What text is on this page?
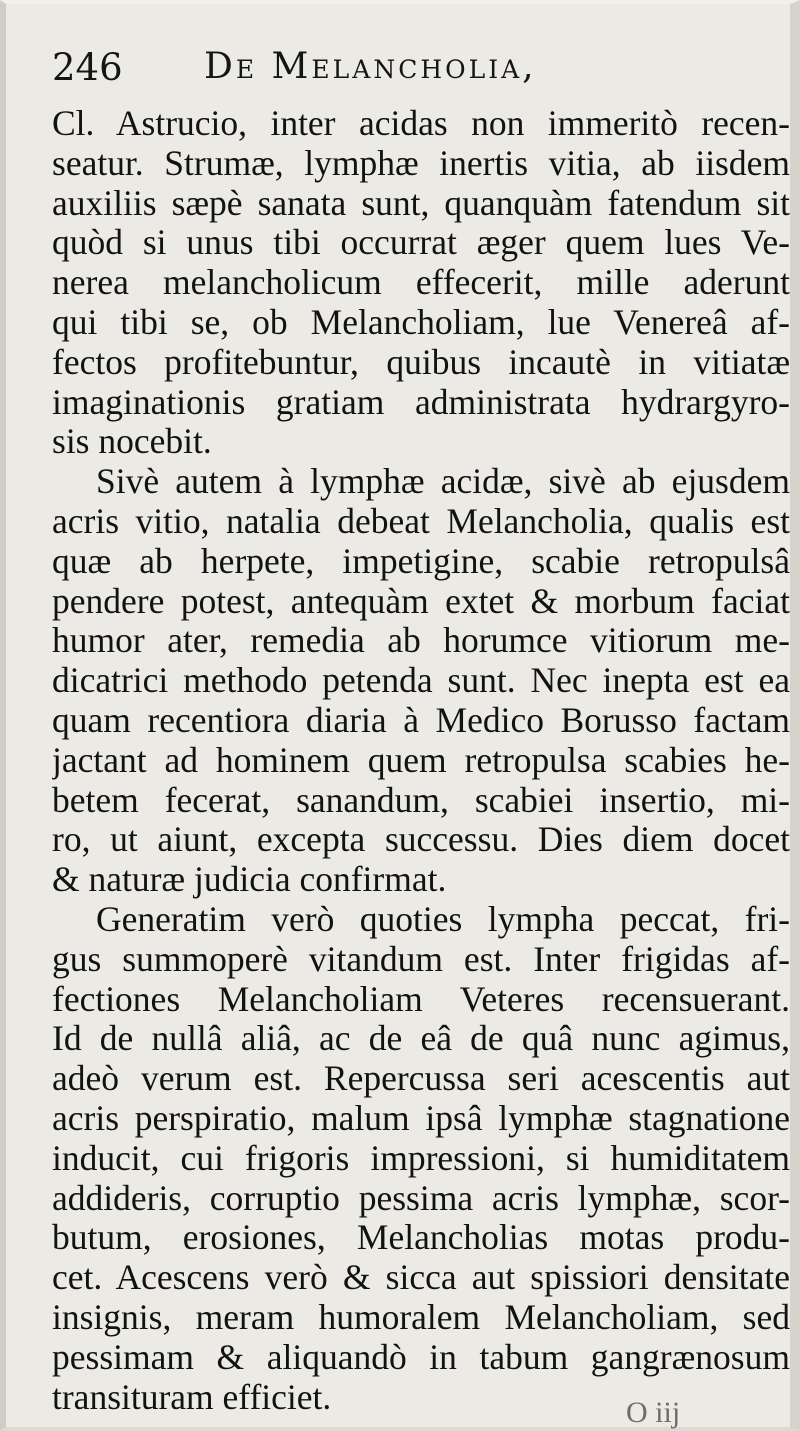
246 De Melancholia,
Cl. Astrucio, inter acidas non immeritò recen-
seatur. Strumæ, lymphæ inertis vitia, ab iisdem
auxiliis sæpè sanata sunt, quanquàm fatendum sit
quòd si unus tibi occurrat æger quem lues Ve-
nerea melancholicum effecerit, mille aderunt
qui tibi se, ob Melancholiam, lue Venereâ af-
fectos profitebuntur, quibus incautè in vitiatæ
imaginationis gratiam administrata hydrargyro-
sis nocebit.
Sivè autem à lymphæ acidæ, sivè ab ejusdem
acris vitio, natalia debeat Melancholia, qualis est
quæ ab herpete, impetigine, scabie retropulsâ
pendere potest, antequàm extet & morbum faciat
humor ater, remedia ab horumce vitiorum me-
dicatrici methodo petenda sunt. Nec inepta est ea
quam recentiora diaria à Medico Borusso factam
jactant ad hominem quem retropulsa scabies he-
betem fecerat, sanandum, scabiei insertio, mi-
ro, ut aiunt, excepta successu. Dies diem docet
& naturæ judicia confirmat.
Generatim verò quoties lympha peccat, fri-
gus summoperè vitandum est. Inter frigidas af-
fectiones Melancholiam Veteres recensuerant.
Id de nullâ aliâ, ac de eâ de quâ nunc agimus,
adeò verum est. Repercussa seri acescentis aut
acris perspiratio, malum ipsâ lymphæ stagnatione
inducit, cui frigoris impressioni, si humiditatem
addideris, corruptio pessima acris lymphæ, scor-
butum, erosiones, Melancholias motas produ-
cet. Acescens verò & sicca aut spissiori densitate
insignis, meram humoralem Melancholiam, sed
pessimam & aliquandò in tabum gangrænosum
transituram efficiet.	O iij
